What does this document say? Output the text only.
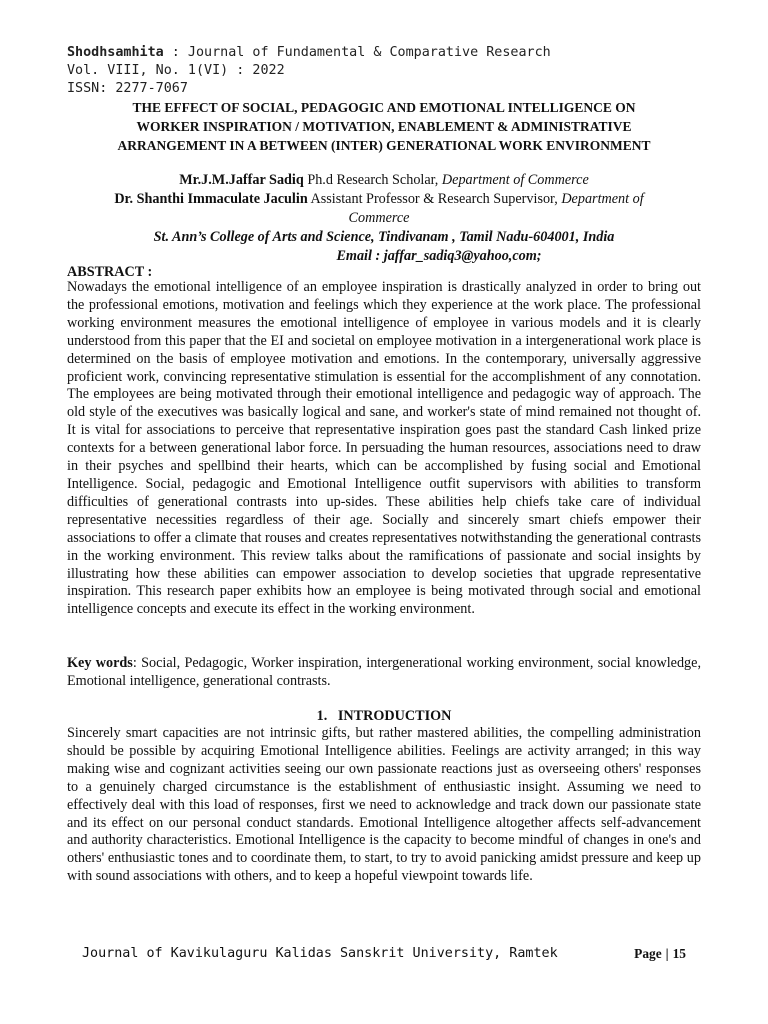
Shodhsamhita : Journal of Fundamental & Comparative Research
Vol. VIII, No. 1(VI) : 2022
ISSN: 2277-7067
THE EFFECT OF SOCIAL, PEDAGOGIC AND EMOTIONAL INTELLIGENCE ON
WORKER INSPIRATION / MOTIVATION, ENABLEMENT & ADMINISTRATIVE
ARRANGEMENT IN A BETWEEN (INTER) GENERATIONAL WORK ENVIRONMENT
Mr.J.M.Jaffar Sadiq Ph.d Research Scholar, Department of Commerce
Dr. Shanthi Immaculate Jaculin Assistant Professor & Research Supervisor, Department of Commerce
St. Ann’s College of Arts and Science, Tindivanam , Tamil Nadu-604001, India
Email : jaffar_sadiq3@yahoo,com;
ABSTRACT :
Nowadays the emotional intelligence of an employee inspiration is drastically analyzed in order to bring out the professional emotions, motivation and feelings which they experience at the work place. The professional working environment measures the emotional intelligence of employee in various models and it is clearly understood from this paper that the EI and societal on employee motivation in a intergenerational work place is determined on the basis of employee motivation and emotions. In the contemporary, universally aggressive proficient work, convincing representative stimulation is essential for the accomplishment of any connotation. The employees are being motivated through their emotional intelligence and pedagogic way of approach. The old style of the executives was basically logical and sane, and worker's state of mind remained not thought of. It is vital for associations to perceive that representative inspiration goes past the standard Cash linked prize contexts for a between generational labor force. In persuading the human resources, associations need to draw in their psyches and spellbind their hearts, which can be accomplished by fusing social and Emotional Intelligence. Social, pedagogic and Emotional Intelligence outfit supervisors with abilities to transform difficulties of generational contrasts into up-sides. These abilities help chiefs take care of individual representative necessities regardless of their age. Socially and sincerely smart chiefs empower their associations to offer a climate that rouses and creates representatives notwithstanding the generational contrasts in the working environment. This review talks about the ramifications of passionate and social insights by illustrating how these abilities can empower association to develop societies that upgrade representative inspiration. This research paper exhibits how an employee is being motivated through social and emotional intelligence concepts and execute its effect in the working environment.
Key words: Social, Pedagogic, Worker inspiration, intergenerational working environment, social knowledge, Emotional intelligence, generational contrasts.
1.   INTRODUCTION
Sincerely smart capacities are not intrinsic gifts, but rather mastered abilities, the compelling administration should be possible by acquiring Emotional Intelligence abilities. Feelings are activity arranged; in this way making wise and cognizant activities seeing our own passionate reactions just as overseeing others' responses to a genuinely charged circumstance is the establishment of enthusiastic insight. Assuming we need to effectively deal with this load of responses, first we need to acknowledge and track down our passionate state and its effect on our personal conduct standards. Emotional Intelligence altogether affects self-advancement and authority characteristics. Emotional Intelligence is the capacity to become mindful of changes in one's and others' enthusiastic tones and to coordinate them, to start, to try to avoid panicking amidst pressure and keep up with sound associations with others, and to keep a hopeful viewpoint towards life.
Journal of Kavikulaguru Kalidas Sanskrit University, Ramtek	Page | 15
